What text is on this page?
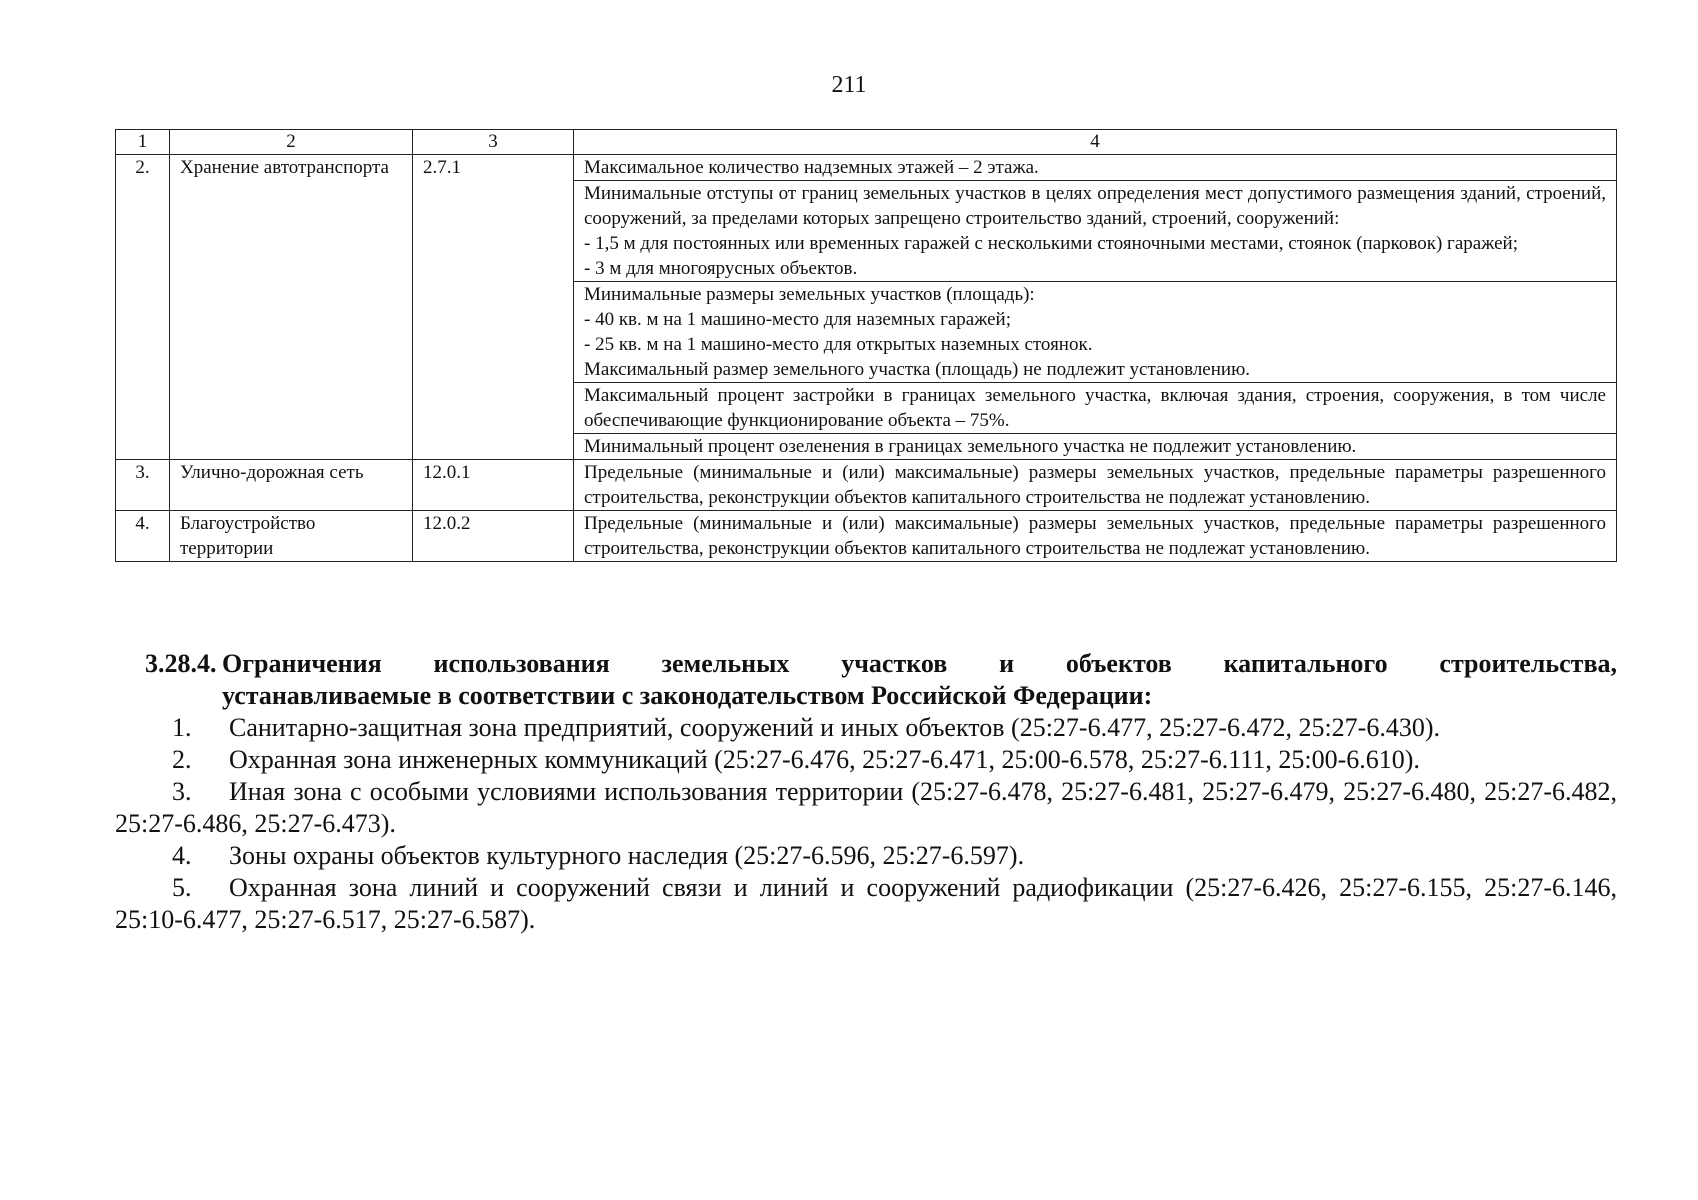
211
1	2	3	4
2.	Хранение автотранспорта	2.7.1	Максимальное количество надземных этажей – 2 этажа.

			Минимальные отступы от границ земельных участков в целях определения мест допустимого размещения зданий, строений, сооружений, за пределами которых запрещено строительство зданий, строений, сооружений:
- 1,5 м для постоянных или временных гаражей с несколькими стояночными местами, стоянок (парковок) гаражей;
- 3 м для многоярусных объектов.

			Минимальные размеры земельных участков (площадь):
- 40 кв. м на 1 машино-место для наземных гаражей;
- 25 кв. м на 1 машино-место для открытых наземных стоянок.
Максимальный размер земельного участка (площадь) не подлежит установлению.

			Максимальный процент застройки в границах земельного участка, включая здания, строения, сооружения, в том числе обеспечивающие функционирование объекта – 75%.

			Минимальный процент озеленения в границах земельного участка не подлежит установлению.

3.	Улично-дорожная сеть	12.0.1	Предельные (минимальные и (или) максимальные) размеры земельных участков, предельные параметры разрешенного строительства, реконструкции объектов капитального строительства не подлежат установлению.

4.	Благоустройство территории	12.0.2	Предельные (минимальные и (или) максимальные) размеры земельных участков, предельные параметры разрешенного строительства, реконструкции объектов капитального строительства не подлежат установлению.
3.28.4. Ограничения использования земельных участков и объектов капитального строительства,
устанавливаемые в соответствии с законодательством Российской Федерации:
1. Санитарно-защитная зона предприятий, сооружений и иных объектов (25:27-6.477, 25:27-6.472, 25:27-6.430).
2. Охранная зона инженерных коммуникаций (25:27-6.476, 25:27-6.471, 25:00-6.578, 25:27-6.111, 25:00-6.610).
3. Иная зона с особыми условиями использования территории (25:27-6.478, 25:27-6.481, 25:27-6.479, 25:27-6.480, 25:27-6.482, 25:27-6.486, 25:27-6.473).
4. Зоны охраны объектов культурного наследия (25:27-6.596, 25:27-6.597).
5. Охранная зона линий и сооружений связи и линий и сооружений радиофикации (25:27-6.426, 25:27-6.155, 25:27-6.146, 25:10-6.477, 25:27-6.517, 25:27-6.587).
